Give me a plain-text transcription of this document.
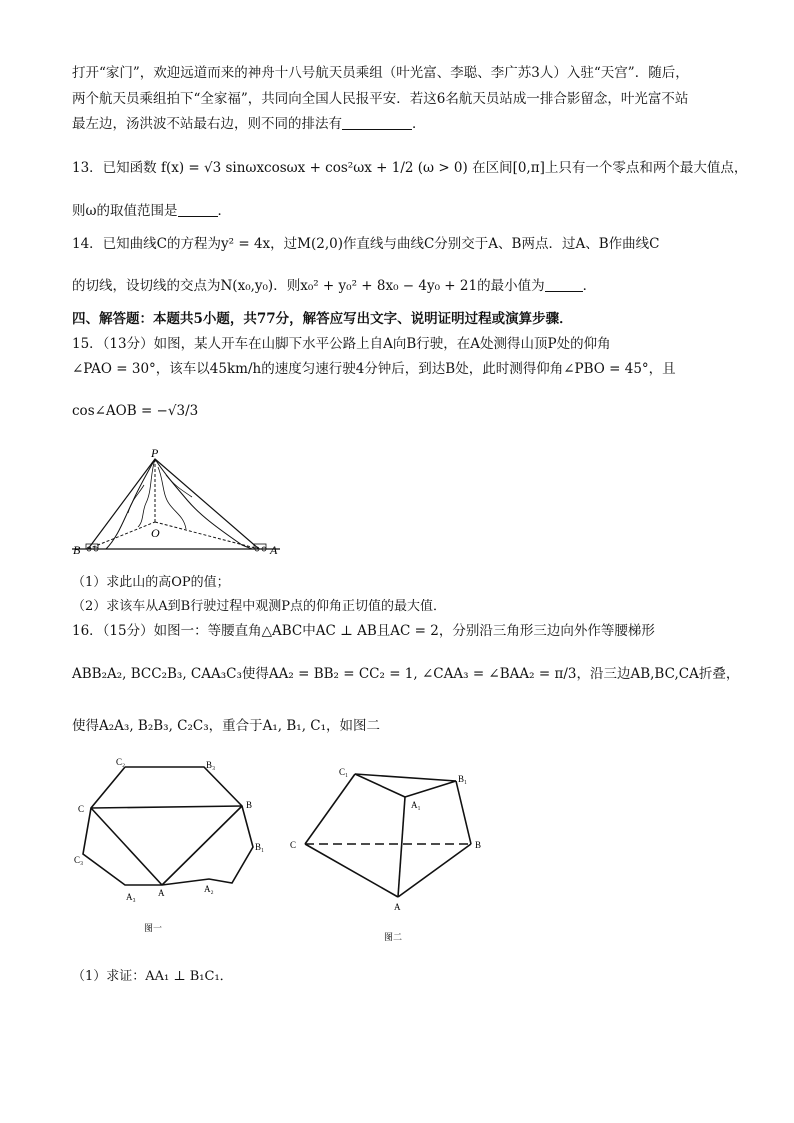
打开“家门”，欢迎远道而来的神舟十八号航天员乘组（叶光富、李聪、李广苏3人）入驻“天宫”．随后，
两个航天员乘组拍下“全家福”，共同向全国人民报平安．若这6名航天员站成一排合影留念，叶光富不站
最左边，汤洪波不站最右边，则不同的排法有	．
13．已知函数 f(x) = √3 sinωxcosωx + cos²ωx + 1/2 (ω > 0) 在区间[0,π]上只有一个零点和两个最大值点，
则ω的取值范围是	．
14．已知曲线C的方程为y² = 4x，过M(2,0)作直线与曲线C分别交于A、B两点．过A、B作曲线C
的切线，设切线的交点为N(x₀,y₀)．则x₀² + y₀² + 8x₀ − 4y₀ + 21的最小值为	．
四、解答题：本题共5小题，共77分，解答应写出文字、说明证明过程或演算步骤．
15．（13分）如图，某人开车在山脚下水平公路上自A向B行驶，在A处测得山顶P处的仰角
∠PAO = 30°，该车以45km/h的速度匀速行驶4分钟后，到达B处，此时测得仰角∠PBO = 45°，且
cos∠AOB = −√3/3
P
O
B	A
（1）求此山的高OP的值；
（2）求该车从A到B行驶过程中观测P点的仰角正切值的最大值．
16．（15分）如图一：等腰直角△ABC中AC ⊥ AB且AC = 2，分别沿三角形三边向外作等腰梯形
ABB₂A₂, BCC₂B₃, CAA₃C₃使得AA₂ = BB₂ = CC₂ = 1, ∠CAA₃ = ∠BAA₂ = π/3，沿三边AB,BC,CA折叠，
使得A₂A₃, B₂B₃, C₂C₃，重合于A₁, B₁, C₁，如图二
C₂	B₃
C	B
B₁
C₃
A
A₃
A₂
图一
C₁
B₁
A₁
C	B
A
图二
（1）求证：AA₁ ⊥ B₁C₁．
